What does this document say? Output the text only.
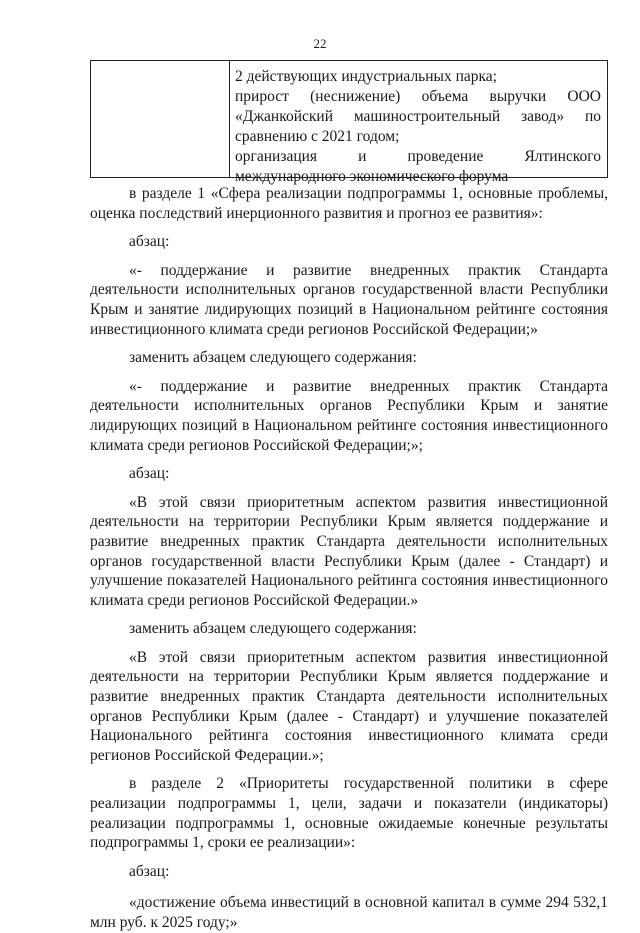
22

2 действующих индустриальных парка;

прирост (неснижение) объема выручки ООО «Джанкойский машиностроительный завод» по сравнению с 2021 годом;

организация и проведение Ялтинского международного экономического форума

в разделе 1 «Сфера реализации подпрограммы 1, основные проблемы, оценка последствий инерционного развития и прогноз ее развития»:

абзац:

«- поддержание и развитие внедренных практик Стандарта деятельности исполнительных органов государственной власти Республики Крым и занятие лидирующих позиций в Национальном рейтинге состояния инвестиционного климата среди регионов Российской Федерации;»

заменить абзацем следующего содержания:

«- поддержание и развитие внедренных практик Стандарта деятельности исполнительных органов Республики Крым и занятие лидирующих позиций в Национальном рейтинге состояния инвестиционного климата среди регионов Российской Федерации;»;

абзац:

«В этой связи приоритетным аспектом развития инвестиционной деятельности на территории Республики Крым является поддержание и развитие внедренных практик Стандарта деятельности исполнительных органов государственной власти Республики Крым (далее - Стандарт) и улучшение показателей Национального рейтинга состояния инвестиционного климата среди регионов Российской Федерации.»

заменить абзацем следующего содержания:

«В этой связи приоритетным аспектом развития инвестиционной деятельности на территории Республики Крым является поддержание и развитие внедренных практик Стандарта деятельности исполнительных органов Республики Крым (далее - Стандарт) и улучшение показателей Национального рейтинга состояния инвестиционного климата среди регионов Российской Федерации.»;

в разделе 2 «Приоритеты государственной политики в сфере реализации подпрограммы 1, цели, задачи и показатели (индикаторы) реализации подпрограммы 1, основные ожидаемые конечные результаты подпрограммы 1, сроки ее реализации»:

абзац:

«достижение объема инвестиций в основной капитал в сумме 294 532,1 млн руб. к 2025 году;»
